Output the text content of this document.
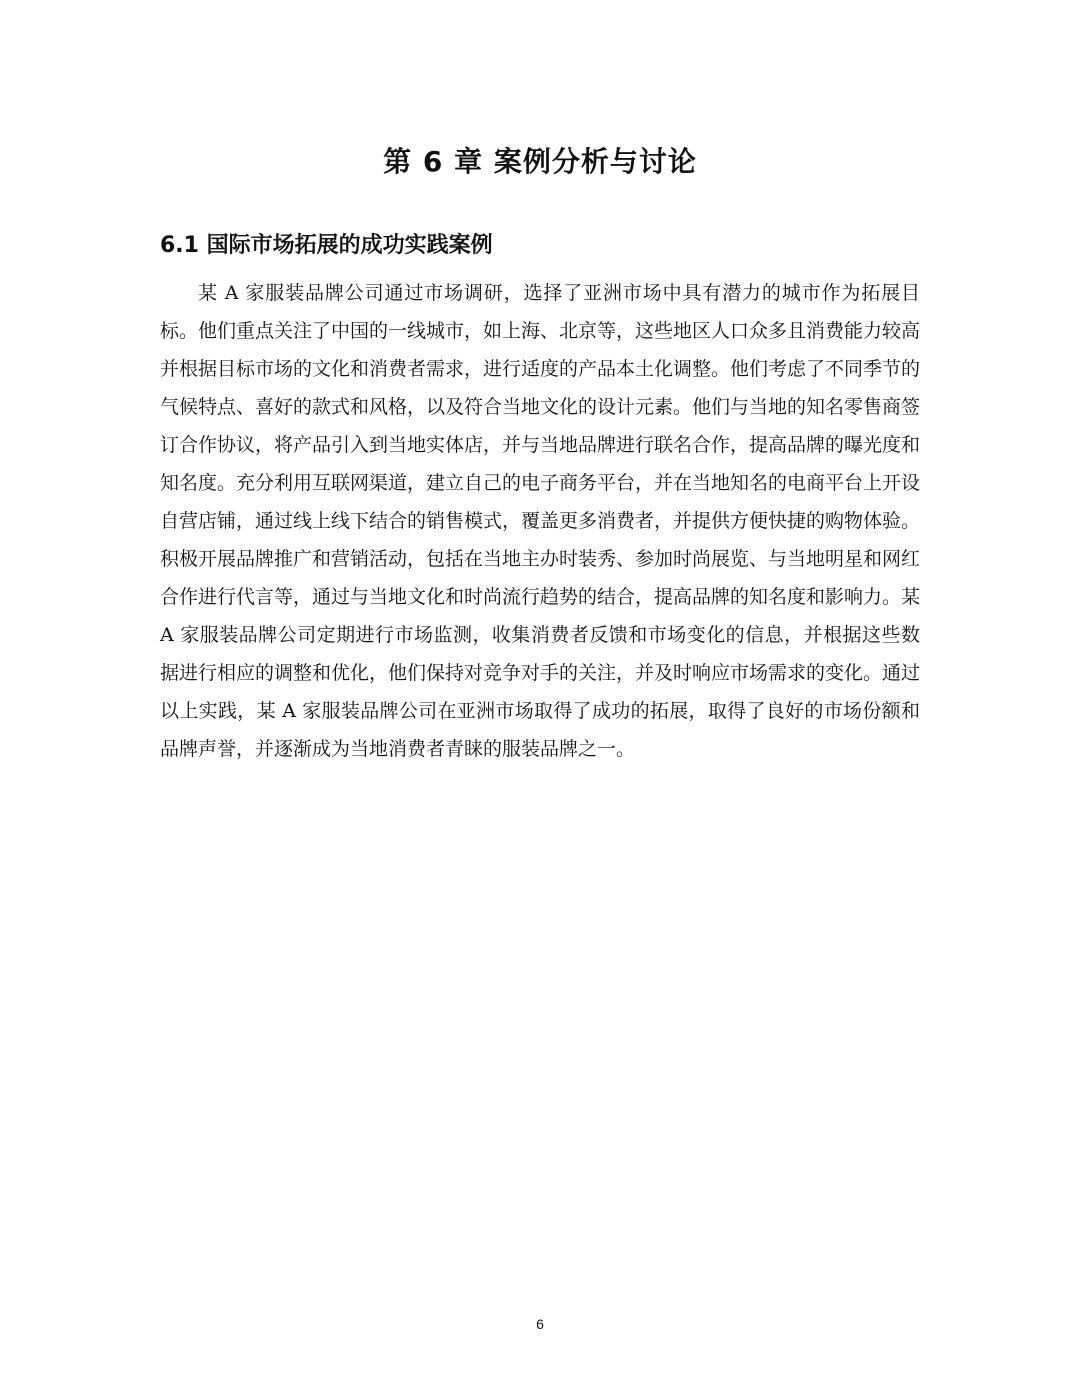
第 6 章 案例分析与讨论
6.1 国际市场拓展的成功实践案例

某 A 家服装品牌公司通过市场调研，选择了亚洲市场中具有潜力的城市作为拓展目标。他们重点关注了中国的一线城市，如上海、北京等，这些地区人口众多且消费能力较高并根据目标市场的文化和消费者需求，进行适度的产品本土化调整。他们考虑了不同季节的气候特点、喜好的款式和风格，以及符合当地文化的设计元素。他们与当地的知名零售商签订合作协议，将产品引入到当地实体店，并与当地品牌进行联名合作，提高品牌的曝光度和知名度。充分利用互联网渠道，建立自己的电子商务平台，并在当地知名的电商平台上开设自营店铺，通过线上线下结合的销售模式，覆盖更多消费者，并提供方便快捷的购物体验。积极开展品牌推广和营销活动，包括在当地主办时装秀、参加时尚展览、与当地明星和网红合作进行代言等，通过与当地文化和时尚流行趋势的结合，提高品牌的知名度和影响力。某 A 家服装品牌公司定期进行市场监测，收集消费者反馈和市场变化的信息，并根据这些数据进行相应的调整和优化，他们保持对竞争对手的关注，并及时响应市场需求的变化。通过以上实践，某 A 家服装品牌公司在亚洲市场取得了成功的拓展，取得了良好的市场份额和品牌声誉，并逐渐成为当地消费者青睐的服装品牌之一。

6
